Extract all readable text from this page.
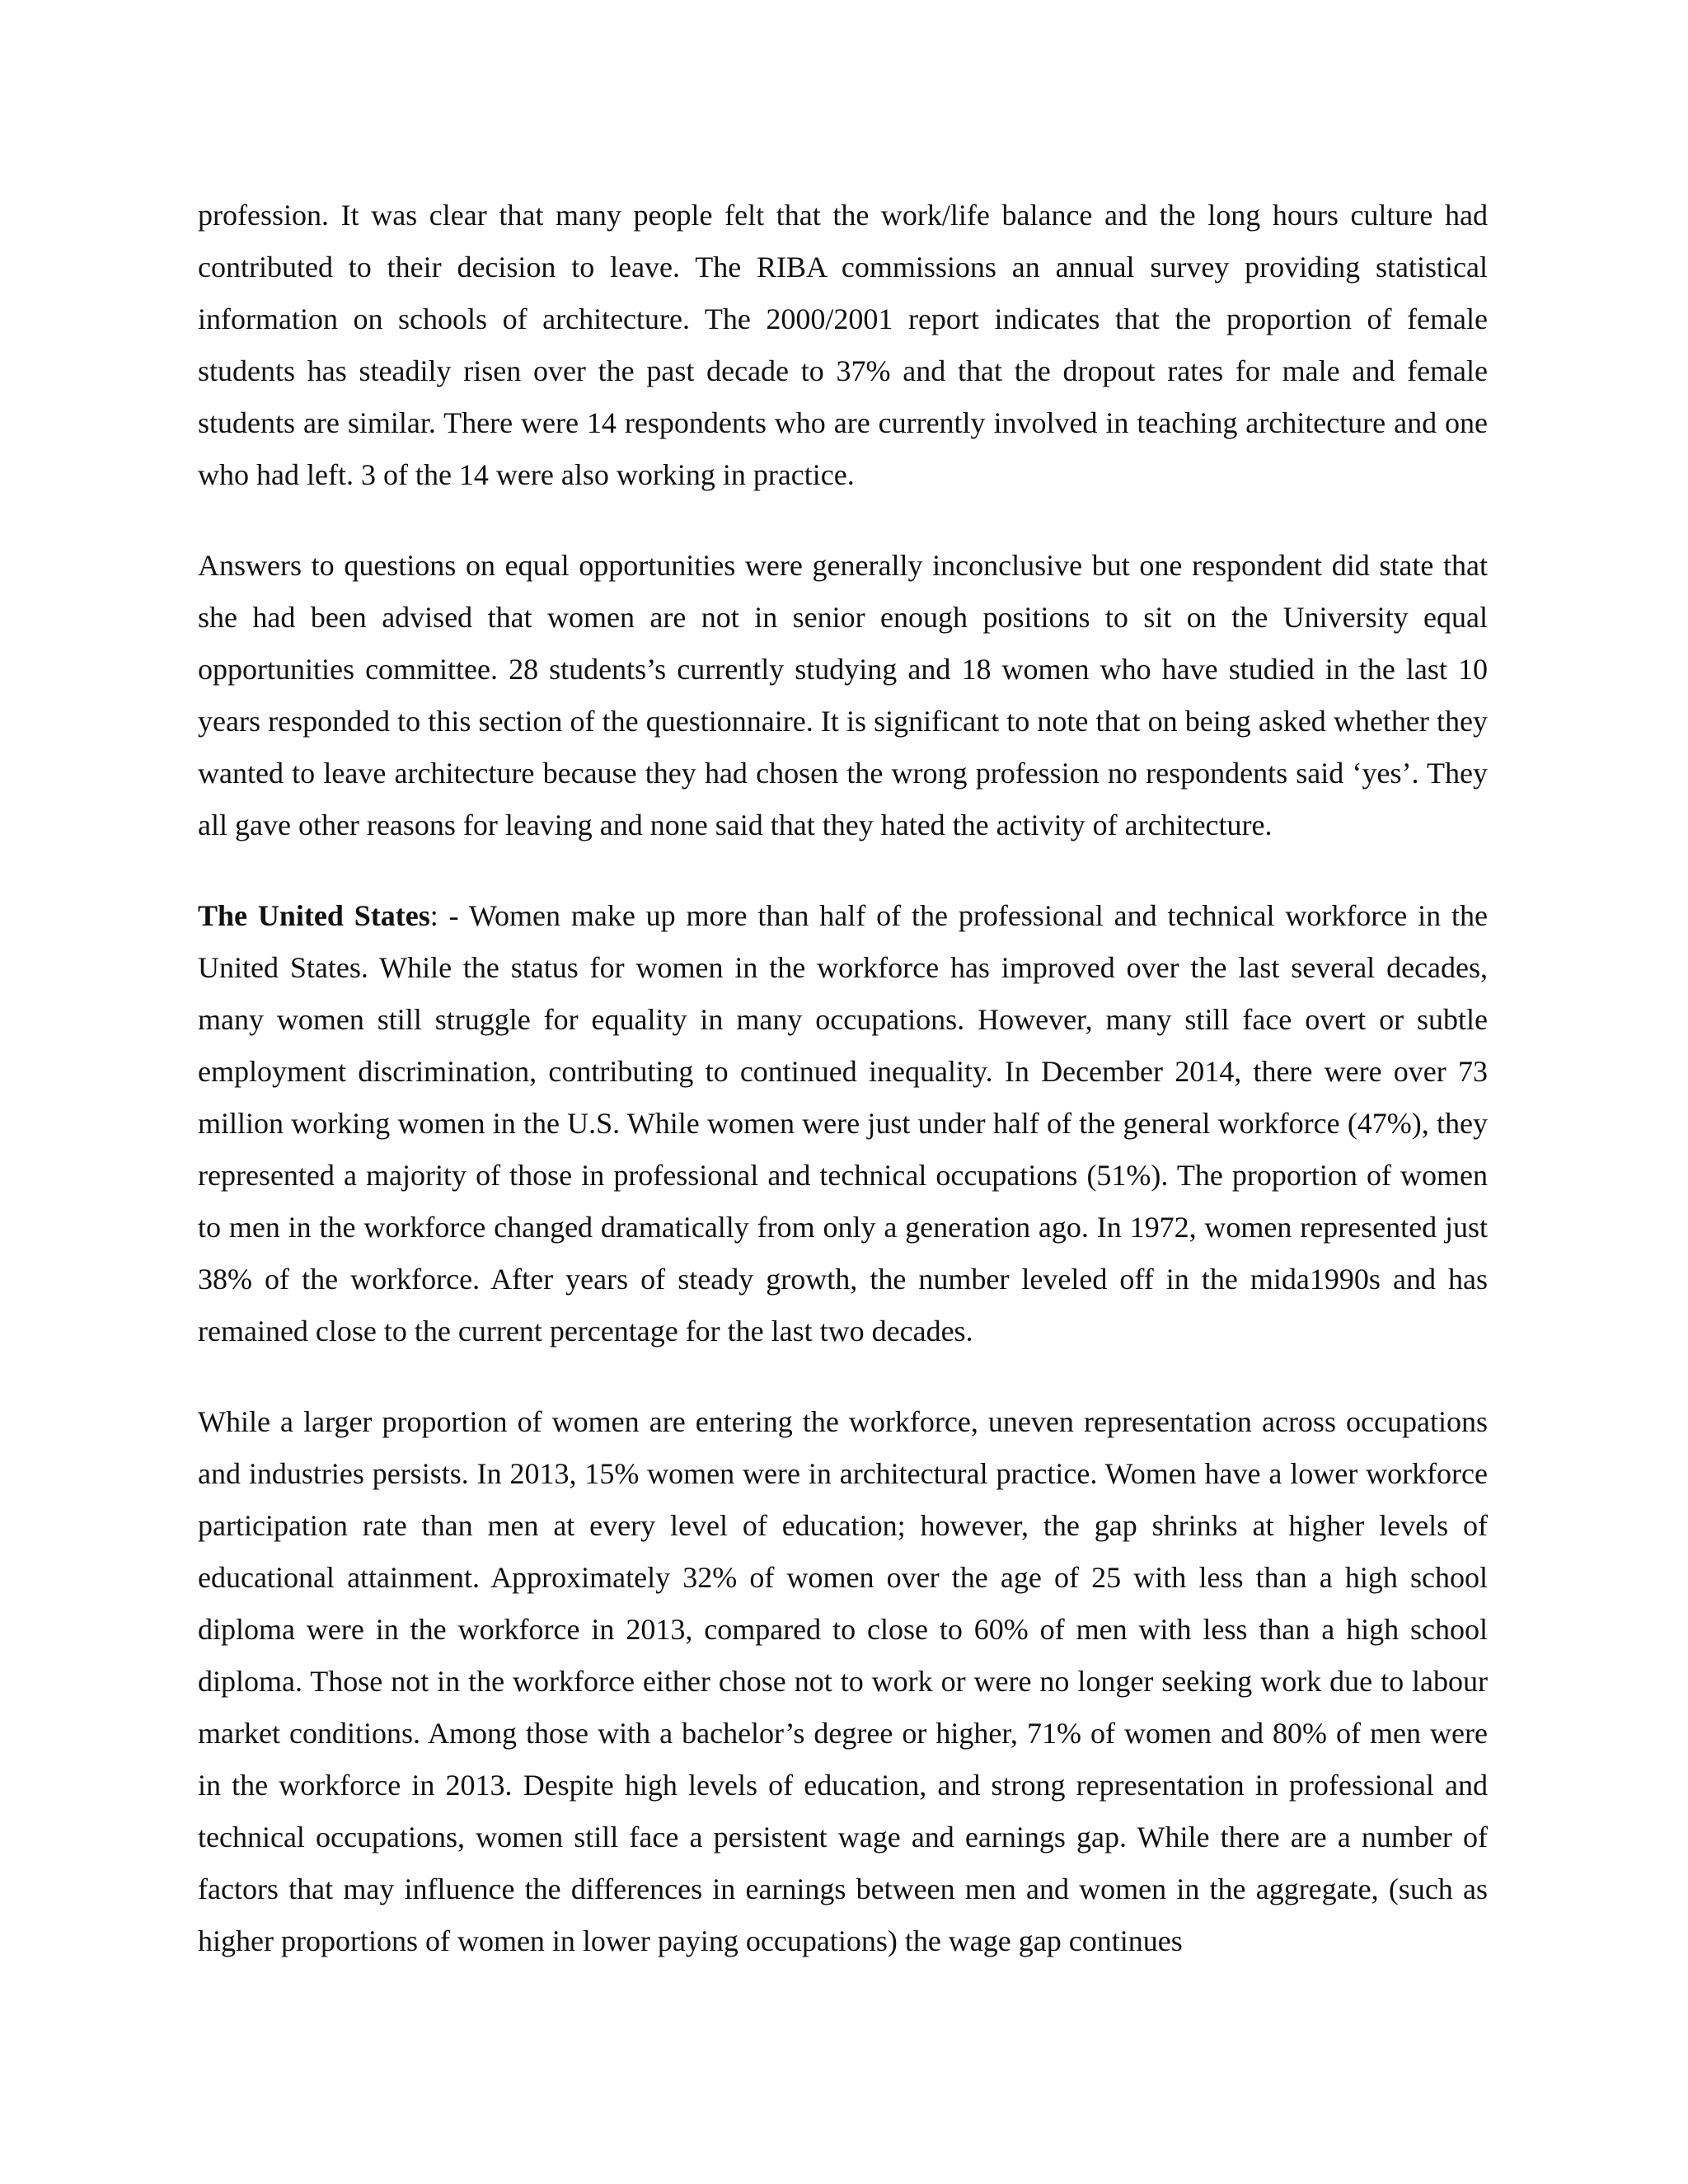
profession. It was clear that many people felt that the work/life balance and the long hours culture had contributed to their decision to leave. The RIBA commissions an annual survey providing statistical information on schools of architecture. The 2000/2001 report indicates that the proportion of female students has steadily risen over the past decade to 37% and that the dropout rates for male and female students are similar. There were 14 respondents who are currently involved in teaching architecture and one who had left. 3 of the 14 were also working in practice.

Answers to questions on equal opportunities were generally inconclusive but one respondent did state that she had been advised that women are not in senior enough positions to sit on the University equal opportunities committee. 28 students’s currently studying and 18 women who have studied in the last 10 years responded to this section of the questionnaire. It is significant to note that on being asked whether they wanted to leave architecture because they had chosen the wrong profession no respondents said ‘yes’. They all gave other reasons for leaving and none said that they hated the activity of architecture.

The United States: - Women make up more than half of the professional and technical workforce in the United States. While the status for women in the workforce has improved over the last several decades, many women still struggle for equality in many occupations. However, many still face overt or subtle employment discrimination, contributing to continued inequality. In December 2014, there were over 73 million working women in the U.S. While women were just under half of the general workforce (47%), they represented a majority of those in professional and technical occupations (51%). The proportion of women to men in the workforce changed dramatically from only a generation ago. In 1972, women represented just 38% of the workforce. After years of steady growth, the number leveled off in the mida1990s and has remained close to the current percentage for the last two decades.

While a larger proportion of women are entering the workforce, uneven representation across occupations and industries persists. In 2013, 15% women were in architectural practice. Women have a lower workforce participation rate than men at every level of education; however, the gap shrinks at higher levels of educational attainment. Approximately 32% of women over the age of 25 with less than a high school diploma were in the workforce in 2013, compared to close to 60% of men with less than a high school diploma. Those not in the workforce either chose not to work or were no longer seeking work due to labour market conditions. Among those with a bachelor’s degree or higher, 71% of women and 80% of men were in the workforce in 2013. Despite high levels of education, and strong representation in professional and technical occupations, women still face a persistent wage and earnings gap. While there are a number of factors that may influence the differences in earnings between men and women in the aggregate, (such as higher proportions of women in lower paying occupations) the wage gap continues
